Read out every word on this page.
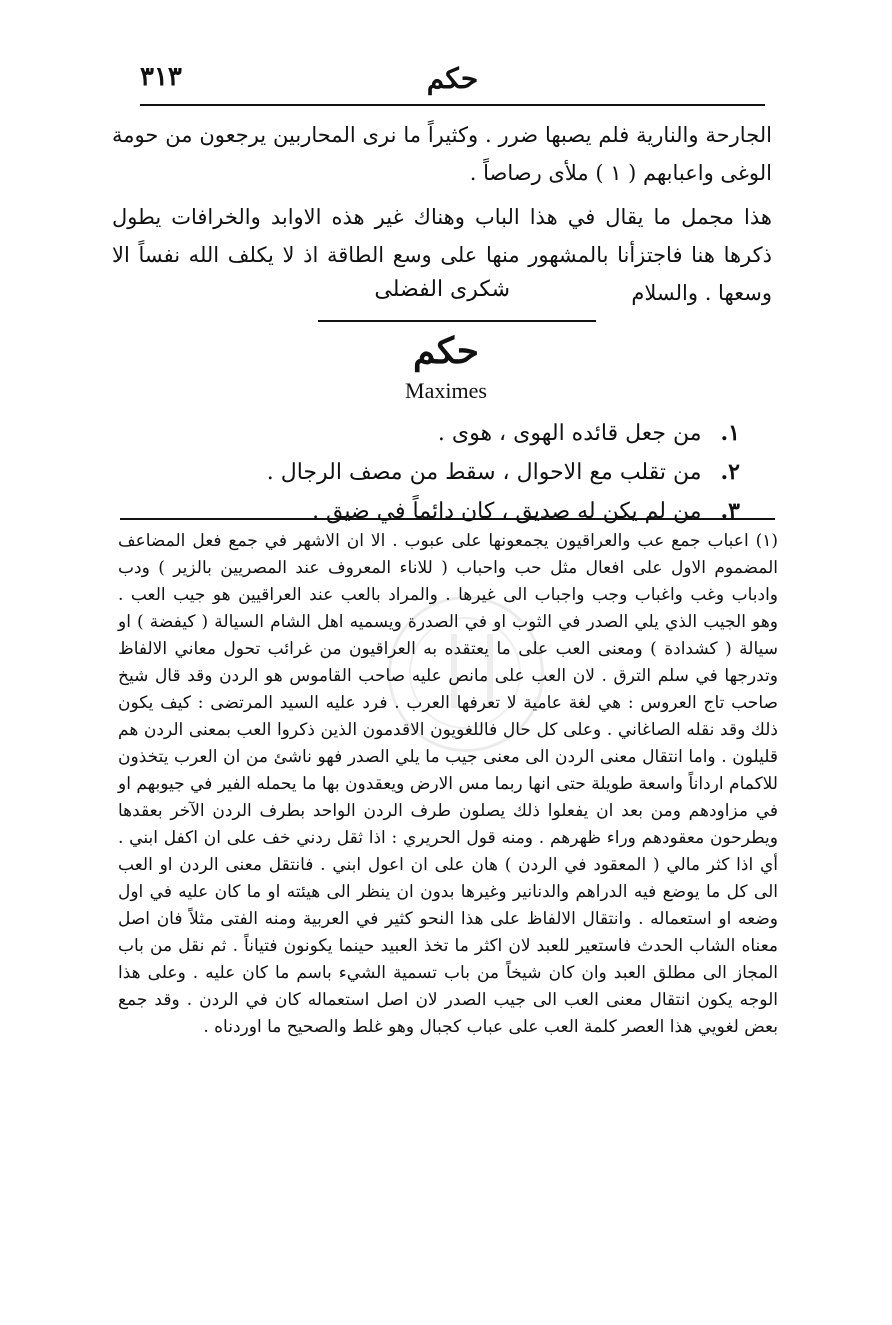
٣١٣	حكم

الجارحة والنارية فلم يصبها ضرر . وكثيراً ما نرى المحاربين يرجعون من حومة الوغى واعبابهم ( ١ ) ملأى رصاصاً .

هذا مجمل ما يقال في هذا الباب وهناك غير هذه الاوابد والخرافات يطول ذكرها هنا فاجتزأنا بالمشهور منها على وسع الطاقة اذ لا يكلف الله نفساً الا وسعها . والسلام

شكرى الفضلى
حكم
Maximes
١. من جعل قائده الهوى ، هوى .
٢. من تقلب مع الاحوال ، سقط من مصف الرجال .
٣. من لم يكن له صديق ، كان دائماً في ضيق .

(١) اعباب جمع عب والعراقيون يجمعونها على عبوب . الا ان الاشهر في جمع فعل المضاعف المضموم الاول على افعال مثل حب واحباب ( للاناء المعروف عند المصريين بالزير ) ودب وادباب وغب واغباب وجب واجباب الى غيرها . والمراد بالعب عند العراقيين هو جيب العب . وهو الجيب الذي يلي الصدر في الثوب او في الصدرة ويسميه اهل الشام السيالة ( كيفضة ) او سيالة ( كشدادة ) ومعنى العب على ما يعتقده به العراقيون من غرائب تحول معاني الالفاظ وتدرجها في سلم الترق . لان العب على مانص عليه صاحب القاموس هو الردن وقد قال شيخ صاحب تاج العروس : هي لغة عامية لا تعرفها العرب . فرد عليه السيد المرتضى : كيف يكون ذلك وقد نقله الصاغاني . وعلى كل حال فاللغويون الاقدمون الذين ذكروا العب بمعنى الردن هم قليلون . واما انتقال معنى الردن الى معنى جيب ما يلي الصدر فهو ناشئ من ان العرب يتخذون للاكمام ارداناً واسعة طويلة حتى انها ربما مس الارض ويعقدون بها ما يحمله الفير في جيوبهم او في مزاودهم ومن بعد ان يفعلوا ذلك يصلون طرف الردن الواحد بطرف الردن الآخر بعقدها ويطرحون معقودهم وراء ظهرهم . ومنه قول الحريري : اذا ثقل ردني خف على ان اكفل ابني . أي اذا كثر مالي ( المعقود في الردن ) هان على ان اعول ابني . فانتقل معنى الردن او العب الى كل ما يوضع فيه الدراهم والدنانير وغيرها بدون ان ينظر الى هيئته او ما كان عليه في اول وضعه او استعماله . وانتقال الالفاظ على هذا النحو كثير في العربية ومنه الفتى مثلاً فان اصل معناه الشاب الحدث فاستعير للعبد لان اكثر ما تخذ العبيد حينما يكونون فتياناً . ثم نقل من باب المجاز الى مطلق العبد وان كان شيخاً من باب تسمية الشيء باسم ما كان عليه . وعلى هذا الوجه يكون انتقال معنى العب الى جيب الصدر لان اصل استعماله كان في الردن . وقد جمع بعض لغويي هذا العصر كلمة العب على عباب كجبال وهو غلط والصحيح ما اوردناه .
